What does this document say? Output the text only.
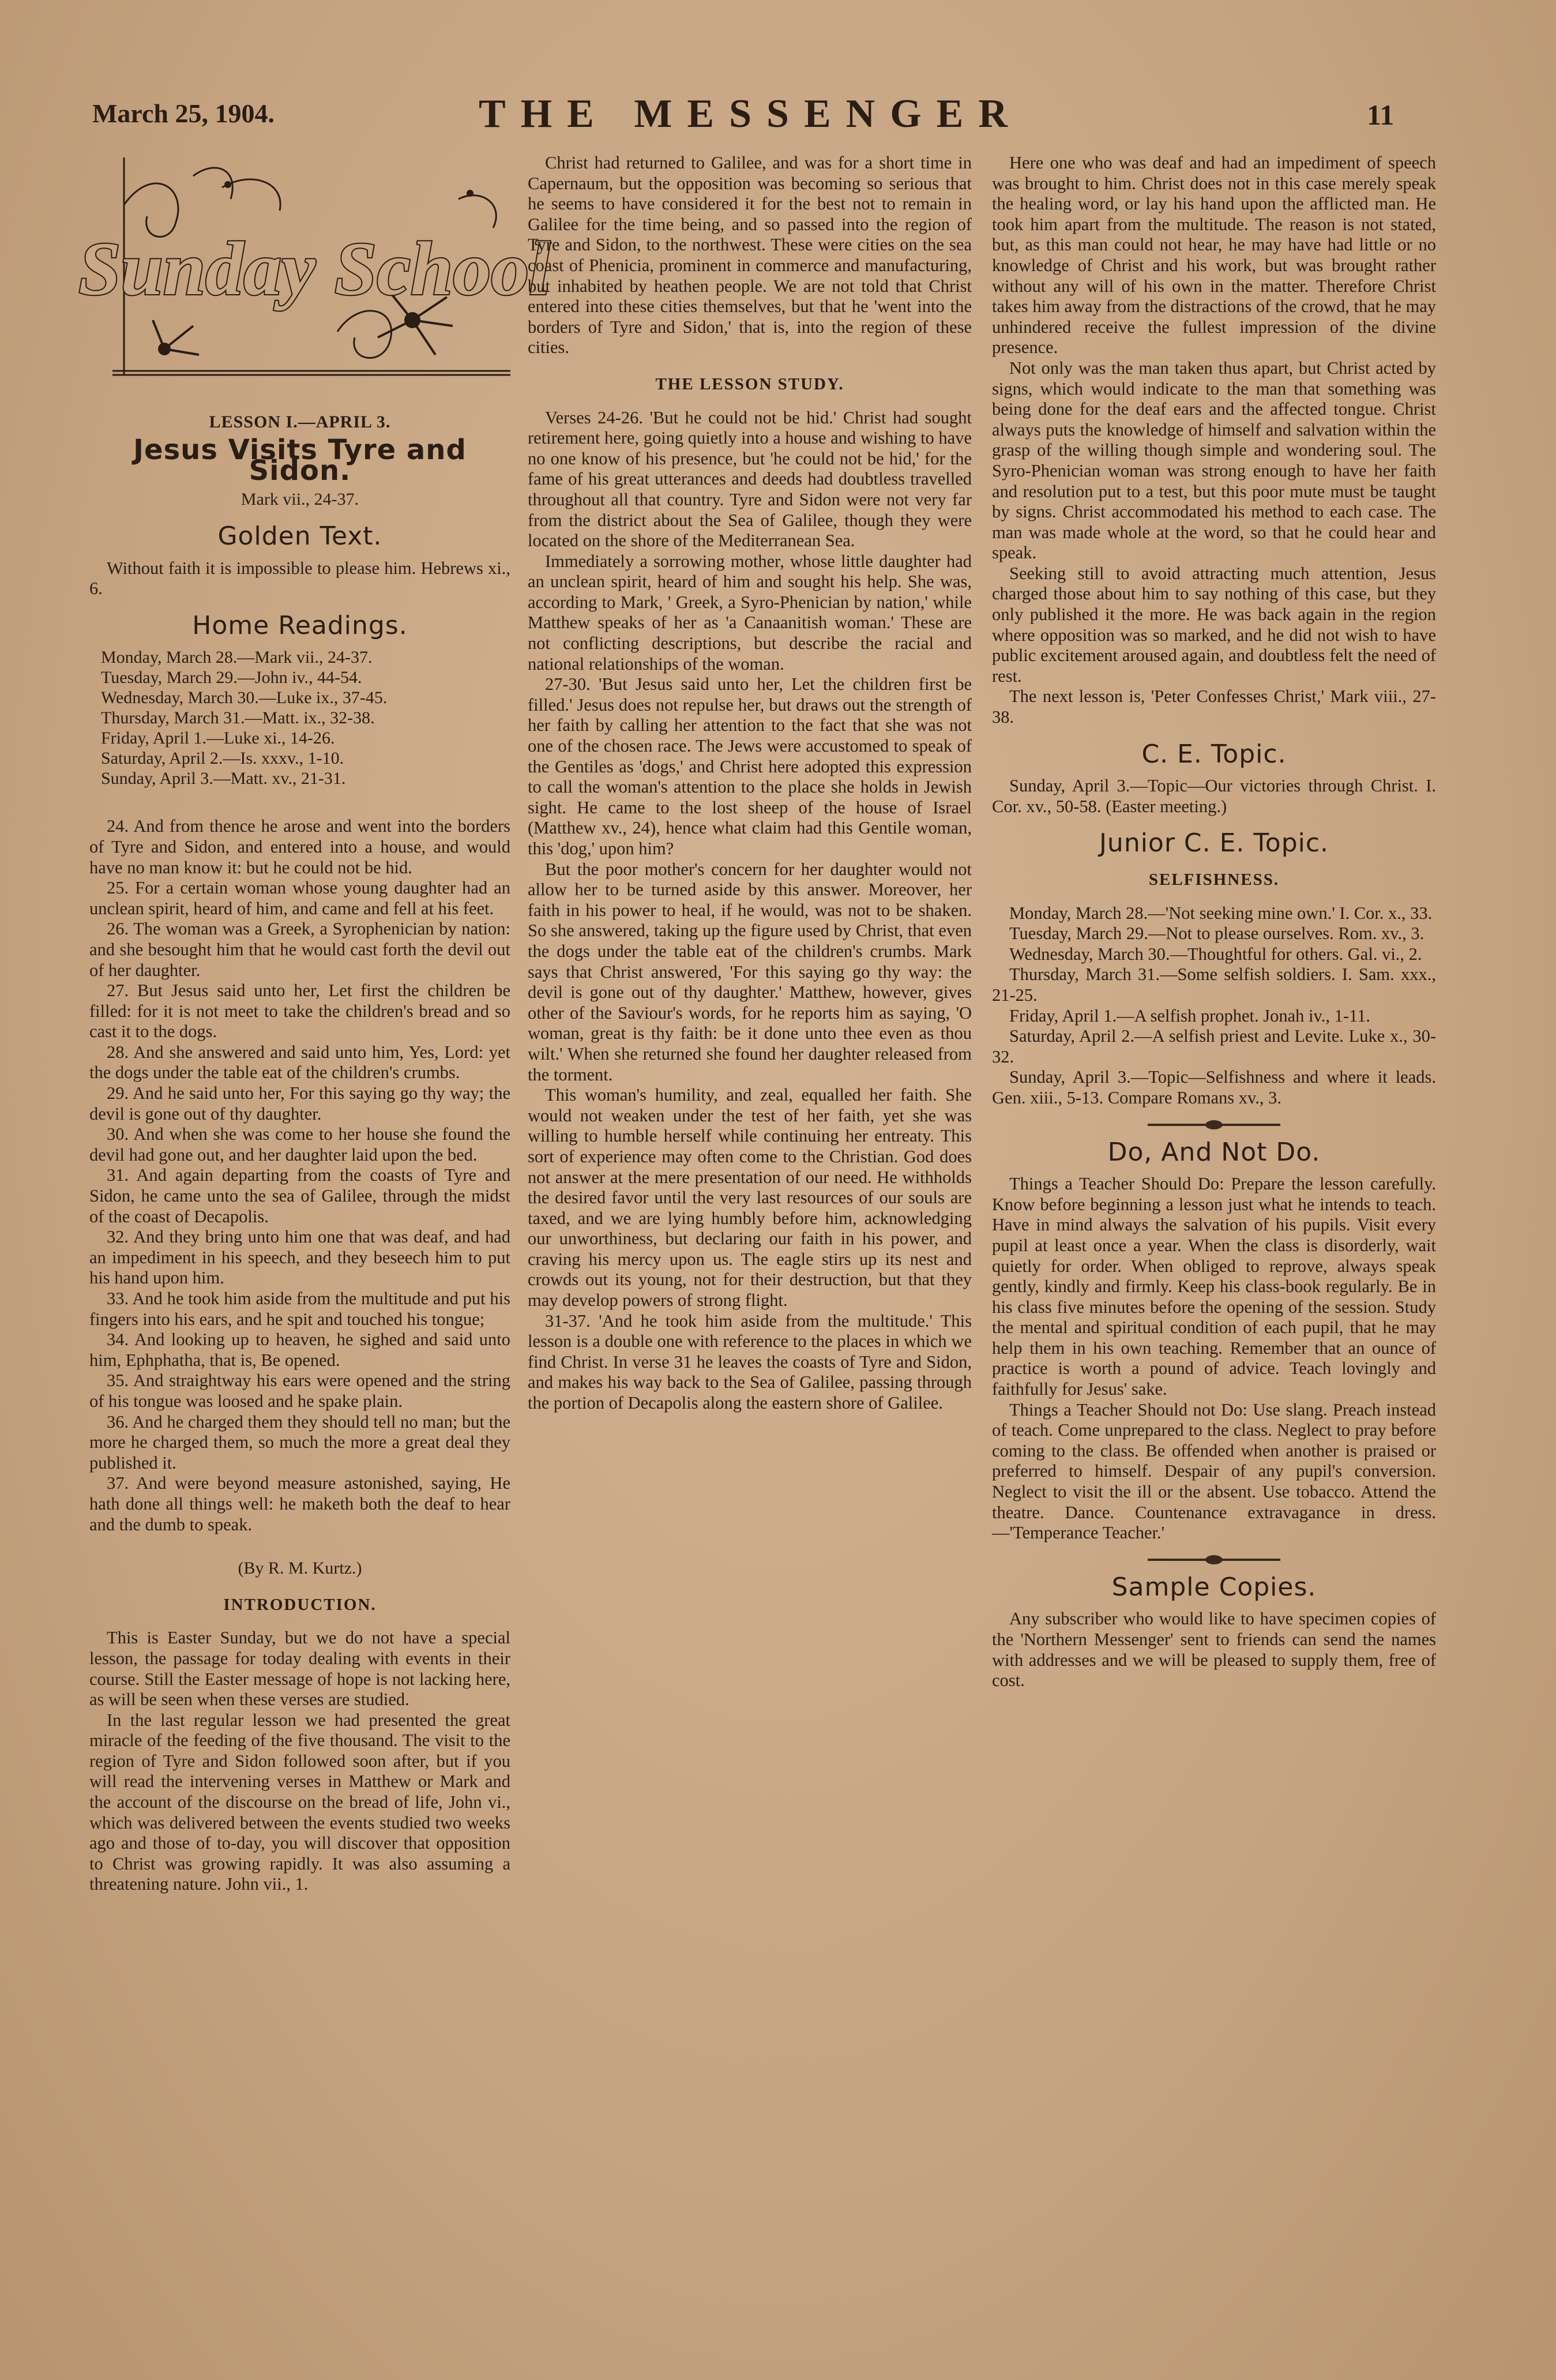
March 25, 1904.	THE MESSENGER	11
Sunday School
LESSON I.—APRIL 3.
Jesus Visits Tyre and Sidon.
Mark vii., 24-37.
Golden Text.

Without faith it is impossible to please him. Hebrews xi., 6.

Home Readings.
Monday, March 28.—Mark vii., 24-37.
Tuesday, March 29.—John iv., 44-54.
Wednesday, March 30.—Luke ix., 37-45.
Thursday, March 31.—Matt. ix., 32-38.
Friday, April 1.—Luke xi., 14-26.
Saturday, April 2.—Is. xxxv., 1-10.
Sunday, April 3.—Matt. xv., 21-31.

24. And from thence he arose and went into the borders of Tyre and Sidon, and entered into a house, and would have no man know it: but he could not be hid.

25. For a certain woman whose young daughter had an unclean spirit, heard of him, and came and fell at his feet.

26. The woman was a Greek, a Syrophenician by nation: and she besought him that he would cast forth the devil out of her daughter.

27. But Jesus said unto her, Let first the children be filled: for it is not meet to take the children's bread and so cast it to the dogs.

28. And she answered and said unto him, Yes, Lord: yet the dogs under the table eat of the children's crumbs.

29. And he said unto her, For this saying go thy way; the devil is gone out of thy daughter.

30. And when she was come to her house she found the devil had gone out, and her daughter laid upon the bed.

31. And again departing from the coasts of Tyre and Sidon, he came unto the sea of Galilee, through the midst of the coast of Decapolis.

32. And they bring unto him one that was deaf, and had an impediment in his speech, and they beseech him to put his hand upon him.

33. And he took him aside from the multitude and put his fingers into his ears, and he spit and touched his tongue;

34. And looking up to heaven, he sighed and said unto him, Ephphatha, that is, Be opened.

35. And straightway his ears were opened and the string of his tongue was loosed and he spake plain.

36. And he charged them they should tell no man; but the more he charged them, so much the more a great deal they published it.

37. And were beyond measure astonished, saying, He hath done all things well: he maketh both the deaf to hear and the dumb to speak.

(By R. M. Kurtz.)
INTRODUCTION.

This is Easter Sunday, but we do not have a special lesson, the passage for today dealing with events in their course. Still the Easter message of hope is not lacking here, as will be seen when these verses are studied.

In the last regular lesson we had presented the great miracle of the feeding of the five thousand. The visit to the region of Tyre and Sidon followed soon after, but if you will read the intervening verses in Matthew or Mark and the account of the discourse on the bread of life, John vi., which was delivered between the events studied two weeks ago and those of to-day, you will discover that opposition to Christ was growing rapidly. It was also assuming a threatening nature. John vii., 1.

Christ had returned to Galilee, and was for a short time in Capernaum, but the opposition was becoming so serious that he seems to have considered it for the best not to remain in Galilee for the time being, and so passed into the region of Tyre and Sidon, to the northwest. These were cities on the sea coast of Phenicia, prominent in commerce and manufacturing, but inhabited by heathen people. We are not told that Christ entered into these cities themselves, but that he 'went into the borders of Tyre and Sidon,' that is, into the region of these cities.

THE LESSON STUDY.

Verses 24-26. 'But he could not be hid.' Christ had sought retirement here, going quietly into a house and wishing to have no one know of his presence, but 'he could not be hid,' for the fame of his great utterances and deeds had doubtless travelled throughout all that country. Tyre and Sidon were not very far from the district about the Sea of Galilee, though they were located on the shore of the Mediterranean Sea.

Immediately a sorrowing mother, whose little daughter had an unclean spirit, heard of him and sought his help. She was, according to Mark, ' Greek, a Syro-Phenician by nation,' while Matthew speaks of her as 'a Canaanitish woman.' These are not conflicting descriptions, but describe the racial and national relationships of the woman.

27-30. 'But Jesus said unto her, Let the children first be filled.' Jesus does not repulse her, but draws out the strength of her faith by calling her attention to the fact that she was not one of the chosen race. The Jews were accustomed to speak of the Gentiles as 'dogs,' and Christ here adopted this expression to call the woman's attention to the place she holds in Jewish sight. He came to the lost sheep of the house of Israel (Matthew xv., 24), hence what claim had this Gentile woman, this 'dog,' upon him?

But the poor mother's concern for her daughter would not allow her to be turned aside by this answer. Moreover, her faith in his power to heal, if he would, was not to be shaken. So she answered, taking up the figure used by Christ, that even the dogs under the table eat of the children's crumbs. Mark says that Christ answered, 'For this saying go thy way: the devil is gone out of thy daughter.' Matthew, however, gives other of the Saviour's words, for he reports him as saying, 'O woman, great is thy faith: be it done unto thee even as thou wilt.' When she returned she found her daughter released from the torment.

This woman's humility, and zeal, equalled her faith. She would not weaken under the test of her faith, yet she was willing to humble herself while continuing her entreaty. This sort of experience may often come to the Christian. God does not answer at the mere presentation of our need. He withholds the desired favor until the very last resources of our souls are taxed, and we are lying humbly before him, acknowledging our unworthiness, but declaring our faith in his power, and craving his mercy upon us. The eagle stirs up its nest and crowds out its young, not for their destruction, but that they may develop powers of strong flight.

31-37. 'And he took him aside from the multitude.' This lesson is a double one with reference to the places in which we find Christ. In verse 31 he leaves the coasts of Tyre and Sidon, and makes his way back to the Sea of Galilee, passing through the portion of Decapolis along the eastern shore of Galilee.

Here one who was deaf and had an impediment of speech was brought to him. Christ does not in this case merely speak the healing word, or lay his hand upon the afflicted man. He took him apart from the multitude. The reason is not stated, but, as this man could not hear, he may have had little or no knowledge of Christ and his work, but was brought rather without any will of his own in the matter. Therefore Christ takes him away from the distractions of the crowd, that he may unhindered receive the fullest impression of the divine presence.

Not only was the man taken thus apart, but Christ acted by signs, which would indicate to the man that something was being done for the deaf ears and the affected tongue. Christ always puts the knowledge of himself and salvation within the grasp of the willing though simple and wondering soul. The Syro-Phenician woman was strong enough to have her faith and resolution put to a test, but this poor mute must be taught by signs. Christ accommodated his method to each case. The man was made whole at the word, so that he could hear and speak.

Seeking still to avoid attracting much attention, Jesus charged those about him to say nothing of this case, but they only published it the more. He was back again in the region where opposition was so marked, and he did not wish to have public excitement aroused again, and doubtless felt the need of rest.

The next lesson is, 'Peter Confesses Christ,' Mark viii., 27-38.

C. E. Topic.

Sunday, April 3.—Topic—Our victories through Christ. I. Cor. xv., 50-58. (Easter meeting.)

Junior C. E. Topic.
SELFISHNESS.

Monday, March 28.—'Not seeking mine own.' I. Cor. x., 33.

Tuesday, March 29.—Not to please ourselves. Rom. xv., 3.

Wednesday, March 30.—Thoughtful for others. Gal. vi., 2.

Thursday, March 31.—Some selfish soldiers. I. Sam. xxx., 21-25.

Friday, April 1.—A selfish prophet. Jonah iv., 1-11.

Saturday, April 2.—A selfish priest and Levite. Luke x., 30-32.

Sunday, April 3.—Topic—Selfishness and where it leads. Gen. xiii., 5-13. Compare Romans xv., 3.

Do, And Not Do.

Things a Teacher Should Do: Prepare the lesson carefully. Know before beginning a lesson just what he intends to teach. Have in mind always the salvation of his pupils. Visit every pupil at least once a year. When the class is disorderly, wait quietly for order. When obliged to reprove, always speak gently, kindly and firmly. Keep his class-book regularly. Be in his class five minutes before the opening of the session. Study the mental and spiritual condition of each pupil, that he may help them in his own teaching. Remember that an ounce of practice is worth a pound of advice. Teach lovingly and faithfully for Jesus' sake.

Things a Teacher Should not Do: Use slang. Preach instead of teach. Come unprepared to the class. Neglect to pray before coming to the class. Be offended when another is praised or preferred to himself. Despair of any pupil's conversion. Neglect to visit the ill or the absent. Use tobacco. Attend the theatre. Dance. Countenance extravagance in dress.—'Temperance Teacher.'

Sample Copies.

Any subscriber who would like to have specimen copies of the 'Northern Messenger' sent to friends can send the names with addresses and we will be pleased to supply them, free of cost.
